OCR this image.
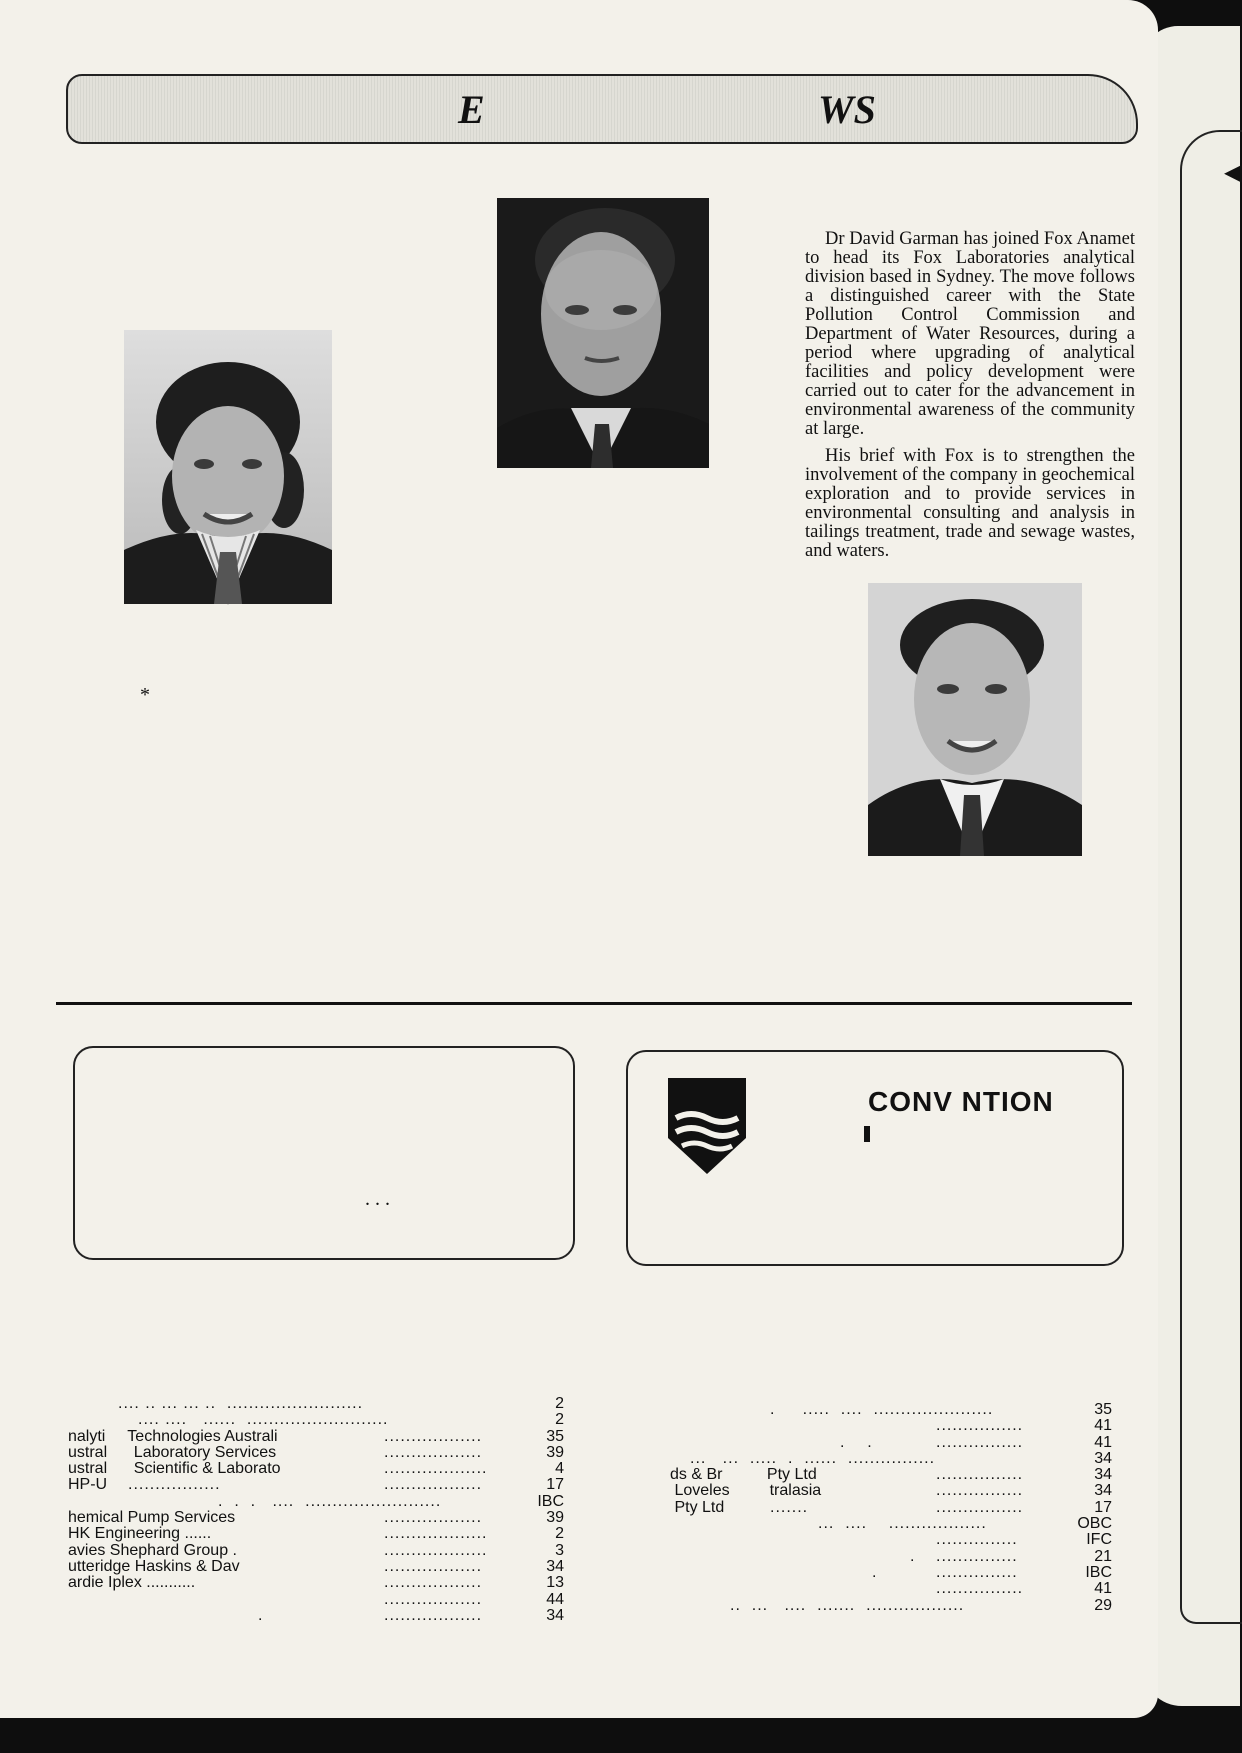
◀
E	WS

Dr David Garman has joined Fox Anamet to head its Fox Laboratories analytical division based in Sydney. The move follows a distinguished career with the State Pollution Control Commission and Department of Water Resources, during a period where upgrading of analytical facilities and policy development were carried out to cater for the advancement in environmental awareness of the community at large.

His brief with Fox is to strengthen the involvement of the company in geochemical exploration and to provide services in environmental consulting and analysis in tailings treatment, trade and sewage wastes, and waters.

*
. . .
CONV NTION
.... .. ... ... ..  .........................	2
.... ....   ......  ..........................	2
nalyti     Technologies Australi	..................	35
ustral      Laboratory Services	..................	39
ustral      Scientific & Laborato	...................	4
HP-U .................	..................	17
.  .  .   ....  .........................	IBC
hemical Pump Services	..................	39
HK Engineering ......	...................	2
avies Shephard Group .	...................	3
utteridge Haskins & Dav	..................	34
ardie Iplex ...........	..................	13
..................	44
.	..................	34
.     .....  ....  ......................	35
................	41
.    .	................	41
...   ...  .....  .  ......  ................	34
ds & Br          Pty Ltd	................	34
Loveles         tralasia	................	34
Pty Ltd	.......	................	17
...  ....    ..................	OBC
...............	IFC
. ...............	21
.	...............	IBC
................	41
..  ...   ....  .......  ..................	29
